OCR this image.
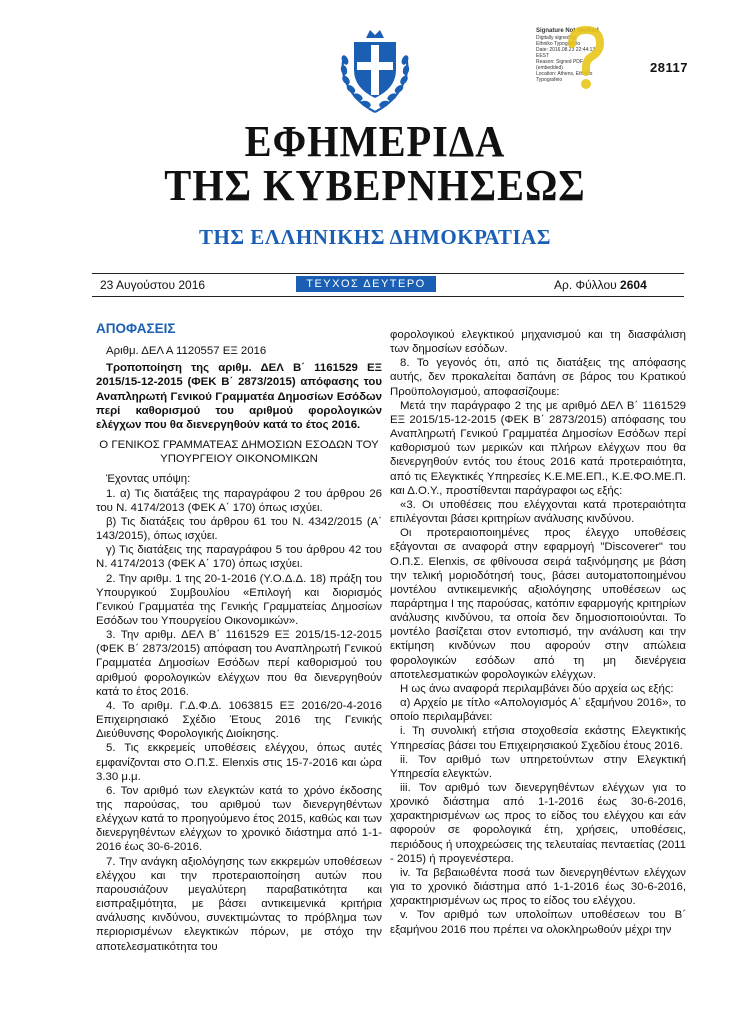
Signature Not Verified
Digitally signed by
Ethniko Typografeio
Date: 2016.08.23 22:44:13
EEST
Reason: Signed PDF
(embedded)
Location: Athens, Ethniko
Typografeio
28117
ΕΦΗΜΕΡΙΔΑ
ΤΗΣ ΚΥΒΕΡΝΗΣΕΩΣ
ΤΗΣ ΕΛΛΗΝΙΚΗΣ ΔΗΜΟΚΡΑΤΙΑΣ
23 Αυγούστου 2016	ΤΕΥΧΟΣ ΔΕΥΤΕΡΟ	Αρ. Φύλλου 2604

ΑΠΟΦΑΣΕΙΣ

Αριθμ. ΔΕΛ Α 1120557 ΕΞ 2016

Τροποποίηση της αριθμ. ΔΕΛ Β΄ 1161529 ΕΞ 2015/15-12-2015 (ΦΕΚ Β΄ 2873/2015) απόφασης του Αναπληρωτή Γενικού Γραμματέα Δημοσίων Εσόδων περί καθορισμού του αριθμού φορολογικών ελέγχων που θα διενεργηθούν κατά το έτος 2016.

Ο ΓΕΝΙΚΟΣ ΓΡΑΜΜΑΤΕΑΣ ΔΗΜΟΣΙΩΝ ΕΣΟΔΩΝ ΤΟΥ ΥΠΟΥΡΓΕΙΟΥ ΟΙΚΟΝΟΜΙΚΩΝ

Έχοντας υπόψη:

1. α) Τις διατάξεις της παραγράφου 2 του άρθρου 26 του Ν. 4174/2013 (ΦΕΚ Α΄ 170) όπως ισχύει.

β) Τις διατάξεις του άρθρου 61 του Ν. 4342/2015 (Α΄ 143/2015), όπως ισχύει.

γ) Τις διατάξεις της παραγράφου 5 του άρθρου 42 του Ν. 4174/2013 (ΦΕΚ Α΄ 170) όπως ισχύει.

2. Την αριθμ. 1 της 20-1-2016 (Υ.Ο.Δ.Δ. 18) πράξη του Υπουργικού Συμβουλίου «Επιλογή και διορισμός Γενικού Γραμματέα της Γενικής Γραμματείας Δημοσίων Εσόδων του Υπουργείου Οικονομικών».

3. Την αριθμ. ΔΕΛ Β΄ 1161529 ΕΞ 2015/15-12-2015 (ΦΕΚ Β΄ 2873/2015) απόφαση του Αναπληρωτή Γενικού Γραμματέα Δημοσίων Εσόδων περί καθορισμού του αριθμού φορολογικών ελέγχων που θα διενεργηθούν κατά το έτος 2016.

4. Το αριθμ. Γ.Δ.Φ.Δ. 1063815 ΕΞ 2016/20-4-2016 Επιχειρησιακό Σχέδιο Έτους 2016 της Γενικής Διεύθυνσης Φορολογικής Διοίκησης.

5. Τις εκκρεμείς υποθέσεις ελέγχου, όπως αυτές εμφανίζονται στο Ο.Π.Σ. Elenxis στις 15-7-2016 και ώρα 3.30 μ.μ.

6. Τον αριθμό των ελεγκτών κατά το χρόνο έκδοσης της παρούσας, του αριθμού των διενεργηθέντων ελέγχων κατά το προηγούμενο έτος 2015, καθώς και των διενεργηθέντων ελέγχων το χρονικό διάστημα από 1-1-2016 έως 30-6-2016.

7. Την ανάγκη αξιολόγησης των εκκρεμών υποθέσεων ελέγχου και την προτεραιοποίηση αυτών που παρουσιάζουν μεγαλύτερη παραβατικότητα και εισπραξιμότητα, με βάσει αντικειμενικά κριτήρια ανάλυσης κινδύνου, συνεκτιμώντας το πρόβλημα των περιορισμένων ελεγκτικών πόρων, με στόχο την αποτελεσματικότητα του

φορολογικού ελεγκτικού μηχανισμού και τη διασφάλιση των δημοσίων εσόδων.

8. Το γεγονός ότι, από τις διατάξεις της απόφασης αυτής, δεν προκαλείται δαπάνη σε βάρος του Κρατικού Προϋπολογισμού, αποφασίζουμε:

Μετά την παράγραφο 2 της με αριθμό ΔΕΛ Β΄ 1161529 ΕΞ 2015/15-12-2015 (ΦΕΚ Β΄ 2873/2015) απόφασης του Αναπληρωτή Γενικού Γραμματέα Δημοσίων Εσόδων περί καθορισμού των μερικών και πλήρων ελέγχων που θα διενεργηθούν εντός του έτους 2016 κατά προτεραιότητα, από τις Ελεγκτικές Υπηρεσίες Κ.Ε.ΜΕ.ΕΠ., Κ.Ε.ΦΟ.ΜΕ.Π. και Δ.Ο.Υ., προστίθενται παράγραφοι ως εξής:

«3. Οι υποθέσεις που ελέγχονται κατά προτεραιότητα επιλέγονται βάσει κριτηρίων ανάλυσης κινδύνου.

Οι προτεραιοποιημένες προς έλεγχο υποθέσεις εξάγονται σε αναφορά στην εφαρμογή "Discoverer" του Ο.Π.Σ. Elenxis, σε φθίνουσα σειρά ταξινόμησης με βάση την τελική μοριοδότησή τους, βάσει αυτοματοποιημένου μοντέλου αντικειμενικής αξιολόγησης υποθέσεων ως παράρτημα Ι της παρούσας, κατόπιν εφαρμογής κριτηρίων ανάλυσης κινδύνου, τα οποία δεν δημοσιοποιούνται. Το μοντέλο βασίζεται στον εντοπισμό, την ανάλυση και την εκτίμηση κινδύνων που αφορούν στην απώλεια φορολογικών εσόδων από τη μη διενέργεια αποτελεσματικών φορολογικών ελέγχων.

Η ως άνω αναφορά περιλαμβάνει δύο αρχεία ως εξής:

α) Αρχείο με τίτλο «Απολογισμός Α΄ εξαμήνου 2016», το οποίο περιλαμβάνει:

i. Τη συνολική ετήσια στοχοθεσία εκάστης Ελεγκτικής Υπηρεσίας βάσει του Επιχειρησιακού Σχεδίου έτους 2016.

ii. Τον αριθμό των υπηρετούντων στην Ελεγκτική Υπηρεσία ελεγκτών.

iii. Τον αριθμό των διενεργηθέντων ελέγχων για το χρονικό διάστημα από 1-1-2016 έως 30-6-2016, χαρακτηρισμένων ως προς το είδος του ελέγχου και εάν αφορούν σε φορολογικά έτη, χρήσεις, υποθέσεις, περιόδους ή υποχρεώσεις της τελευταίας πενταετίας (2011 - 2015) ή προγενέστερα.

iv. Τα βεβαιωθέντα ποσά των διενεργηθέντων ελέγχων για το χρονικό διάστημα από 1-1-2016 έως 30-6-2016, χαρακτηρισμένων ως προς το είδος του ελέγχου.

v. Τον αριθμό των υπολοίπων υποθέσεων του Β΄ εξαμήνου 2016 που πρέπει να ολοκληρωθούν μέχρι την
